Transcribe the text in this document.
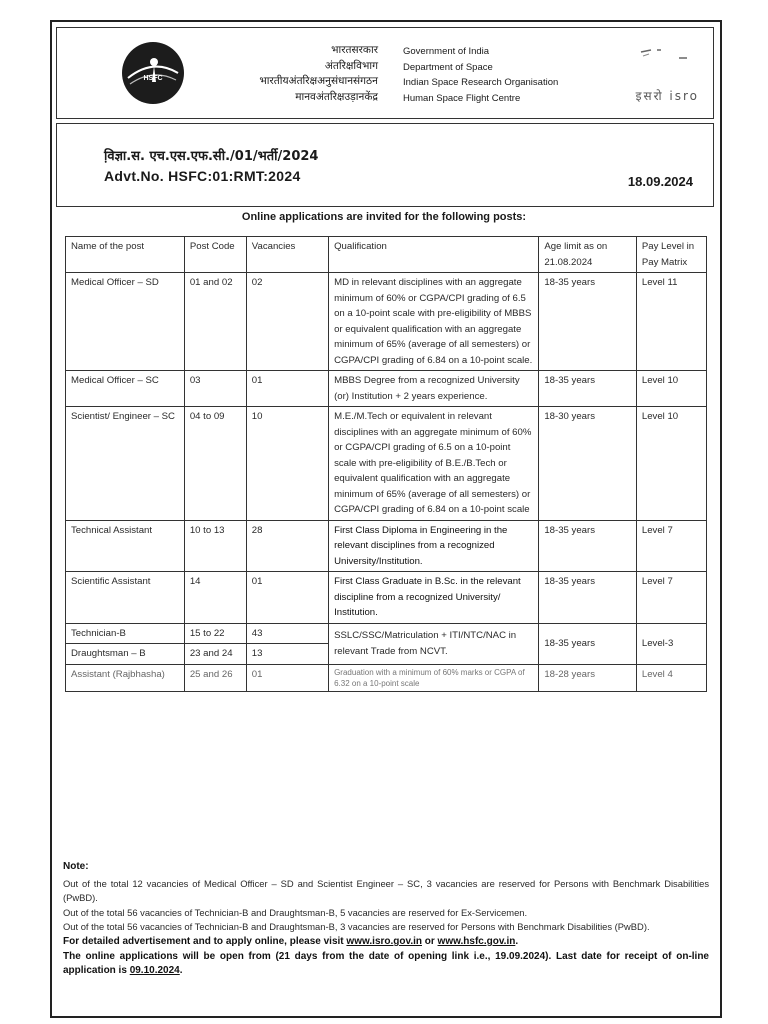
HSFC
भारतसरकार
अंतरिक्षविभाग
भारतीयअंतरिक्षअनुसंधानसंगठन
मानवअंतरिक्षउड़ानकेंद्र
Government of India
Department of Space
Indian Space Research Organisation
Human Space Flight Centre	इसरो isro
वि़ज्ञा.स. एच.एस.एफ.सी./01/भर्ती/2024
Advt.No. HSFC:01:RMT:2024	18.09.2024
Online applications are invited for the following posts:
Name of the post	Post Code	Vacancies	Qualification	Age limit as on 21.08.2024	Pay Level in Pay Matrix
Medical Officer – SD	01 and 02	02	MD in relevant disciplines with an aggregate minimum of 60% or CGPA/CPI grading of 6.5 on a 10-point scale with pre-eligibility of MBBS or equivalent qualification with an aggregate minimum of 65% (average of all semesters) or CGPA/CPI grading of 6.84 on a 10-point scale.	18-35 years	Level 11
Medical Officer – SC	03	01	MBBS Degree from a recognized University (or) Institution + 2 years experience.	18-35 years	Level 10
Scientist/ Engineer – SC	04 to 09	10	M.E./M.Tech or equivalent in relevant disciplines with an aggregate minimum of 60% or CGPA/CPI grading of 6.5 on a 10-point scale with pre-eligibility of B.E./B.Tech or equivalent qualification with an aggregate minimum of 65% (average of all semesters) or CGPA/CPI grading of 6.84 on a 10-point scale	18-30 years	Level 10
Technical Assistant	10 to 13	28	First Class Diploma in Engineering in the relevant disciplines from a recognized University/Institution.	18-35 years	Level 7
Scientific Assistant	14	01	First Class Graduate in B.Sc. in the relevant discipline from a recognized University/ Institution.	18-35 years	Level 7
Technician-B	15 to 22	43	SSLC/SSC/Matriculation + ITI/NTC/NAC in relevant Trade from NCVT.	18-35 years	Level-3
Draughtsman – B	23 and 24	13			
Assistant (Rajbhasha)	25 and 26	01	Graduation with a minimum of 60% marks or CGPA of 6.32 on a 10-point scale	18-28 years	Level 4
Note:

Out of the total 12 vacancies of Medical Officer – SD and Scientist Engineer – SC, 3 vacancies are reserved for Persons with Benchmark Disabilities (PwBD).

Out of the total 56 vacancies of Technician-B and Draughtsman-B, 5 vacancies are reserved for Ex-Servicemen.

Out of the total 56 vacancies of Technician-B and Draughtsman-B, 3 vacancies are reserved for Persons with Benchmark Disabilities (PwBD).

For detailed advertisement and to apply online, please visit www.isro.gov.in or www.hsfc.gov.in.

The online applications will be open from (21 days from the date of opening link i.e., 19.09.2024). Last date for receipt of on-line application is 09.10.2024.
